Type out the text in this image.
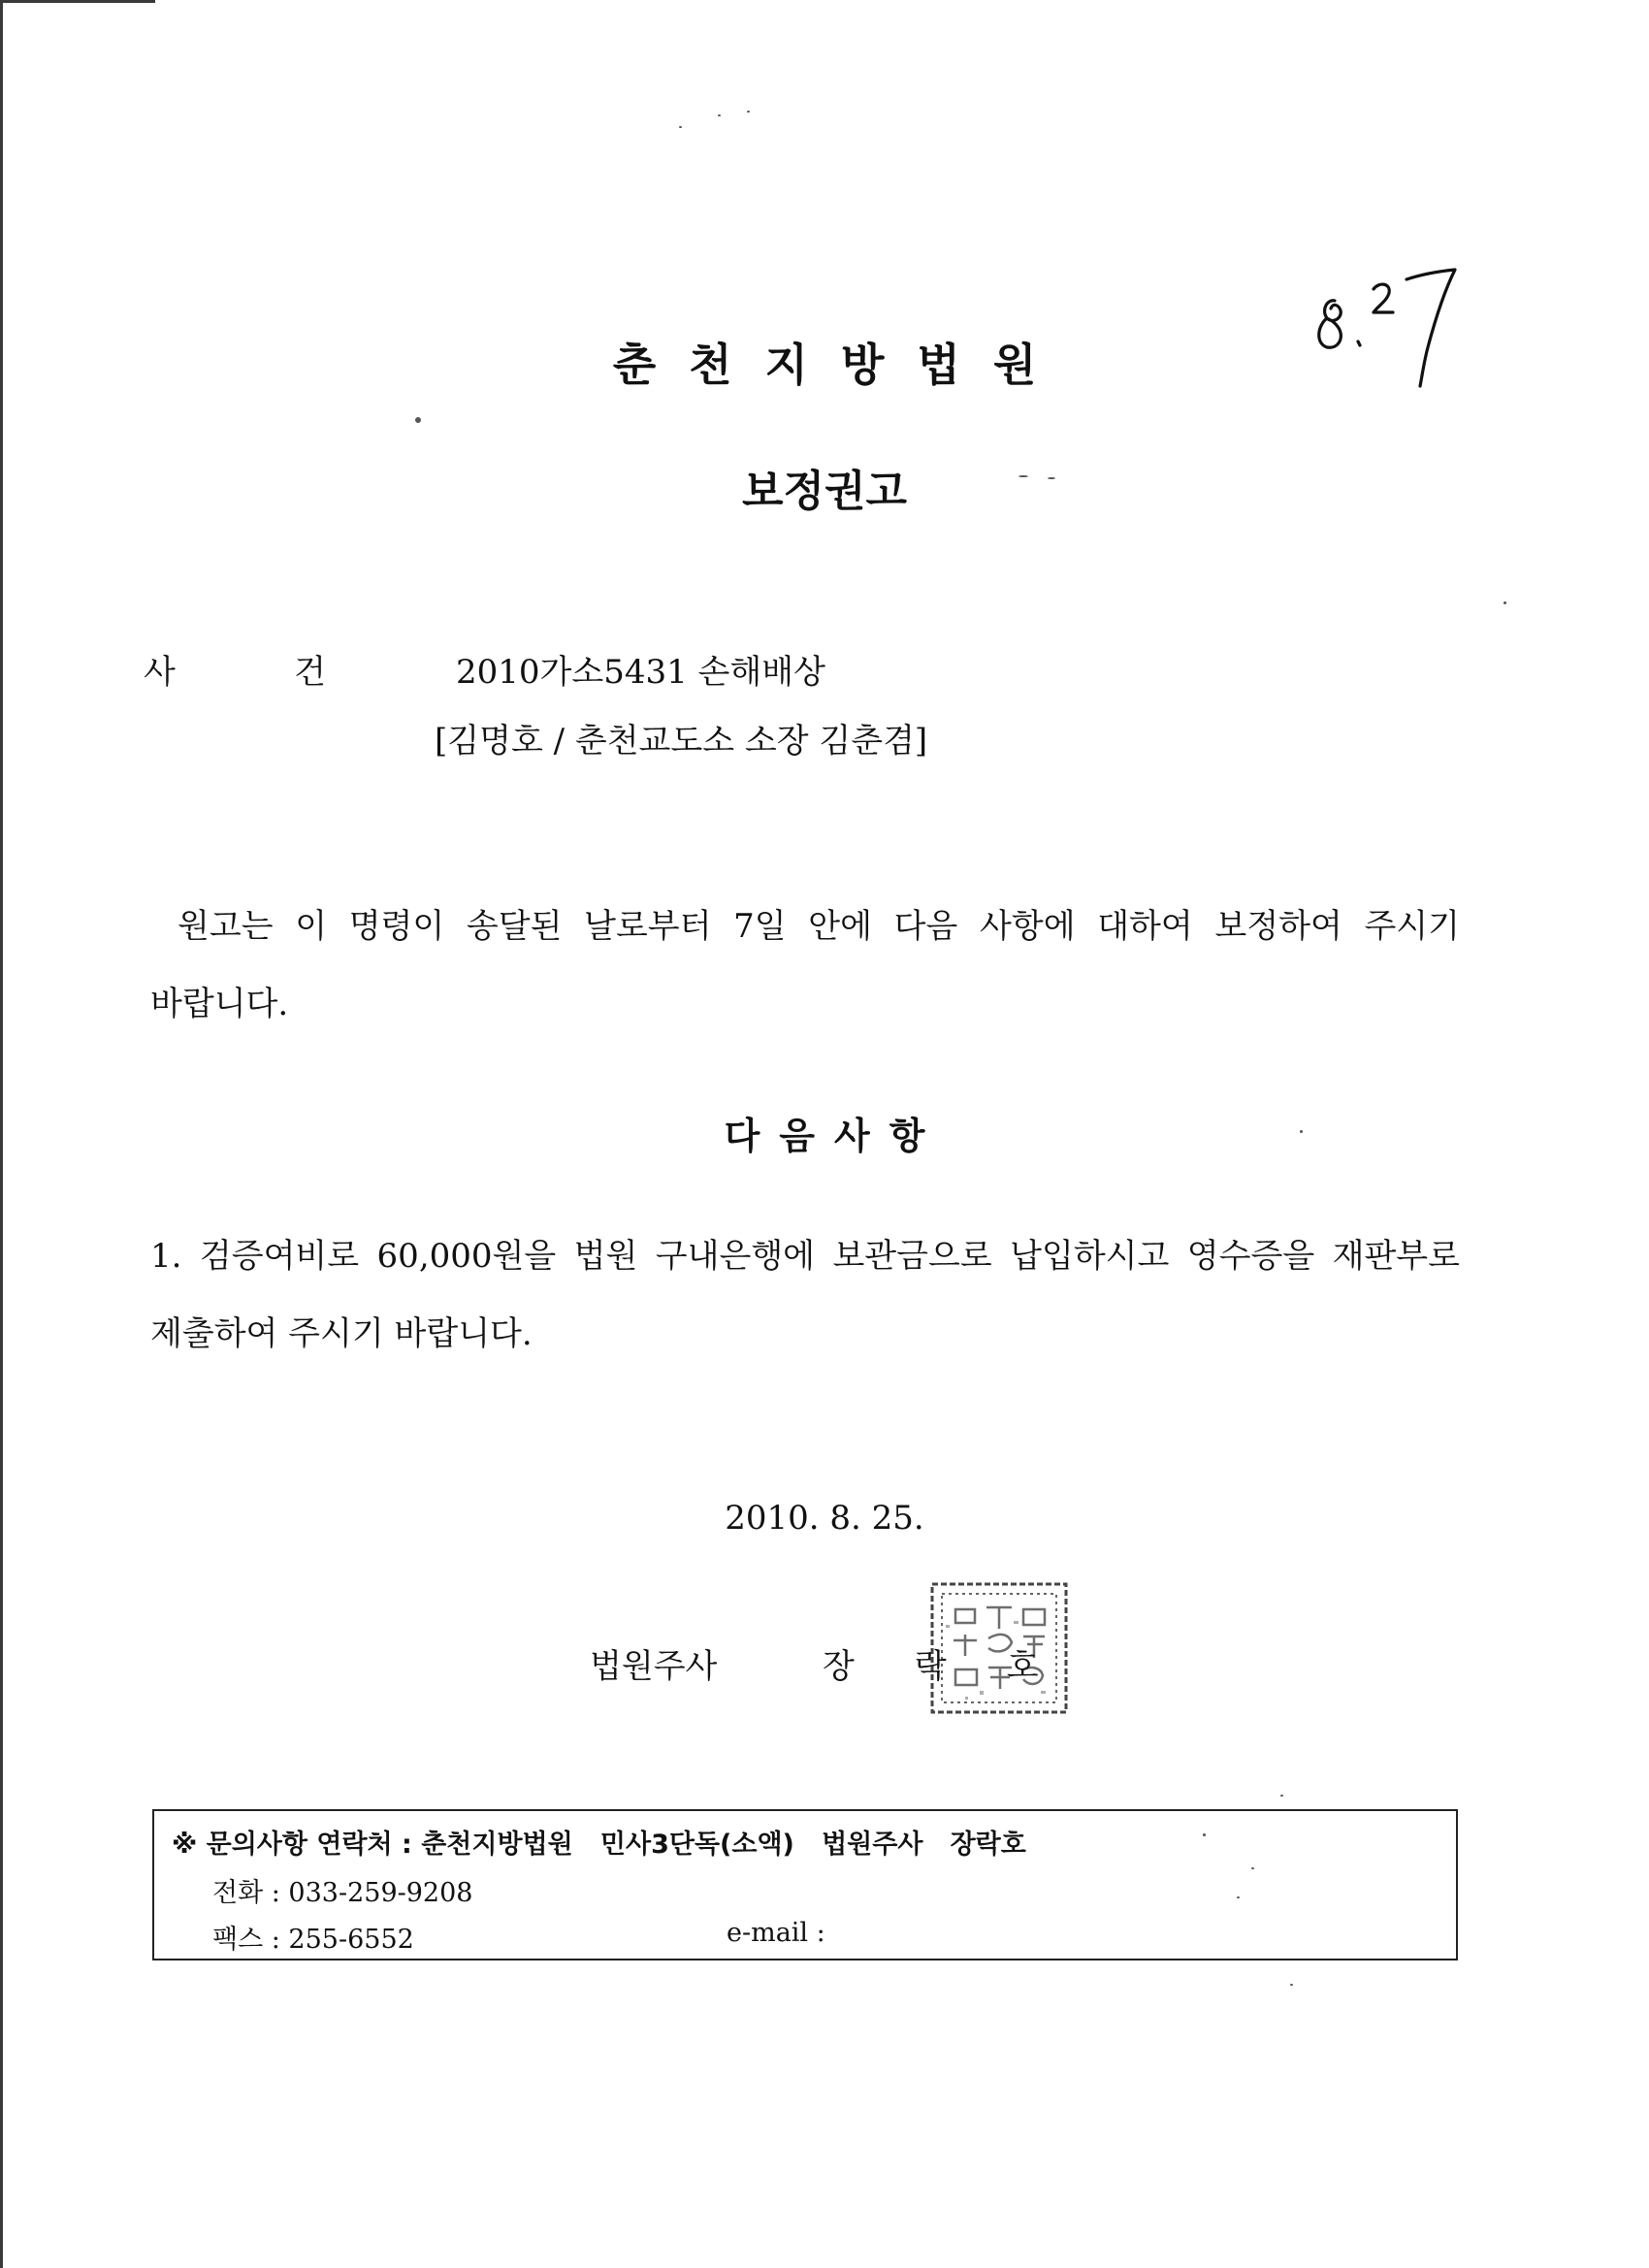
춘천지방법원
보정권고
사	건	2010가소5431 손해배상
[김명호 / 춘천교도소 소장 김춘겸]
원고는 이 명령이 송달된 날로부터 7일 안에 다음 사항에 대하여 보정하여 주시기
바랍니다.
다음사항
1. 검증여비로 60,000원을 법원 구내은행에 보관금으로 납입하시고 영수증을 재판부로
제출하여 주시기 바랍니다.
2010. 8. 25.
법원주사	장락호
※ 문의사항 연락처 : 춘천지방법원   민사3단독(소액)   법원주사   장락호
전화 : 033-259-9208
팩스 : 255-6552	e-mail :
